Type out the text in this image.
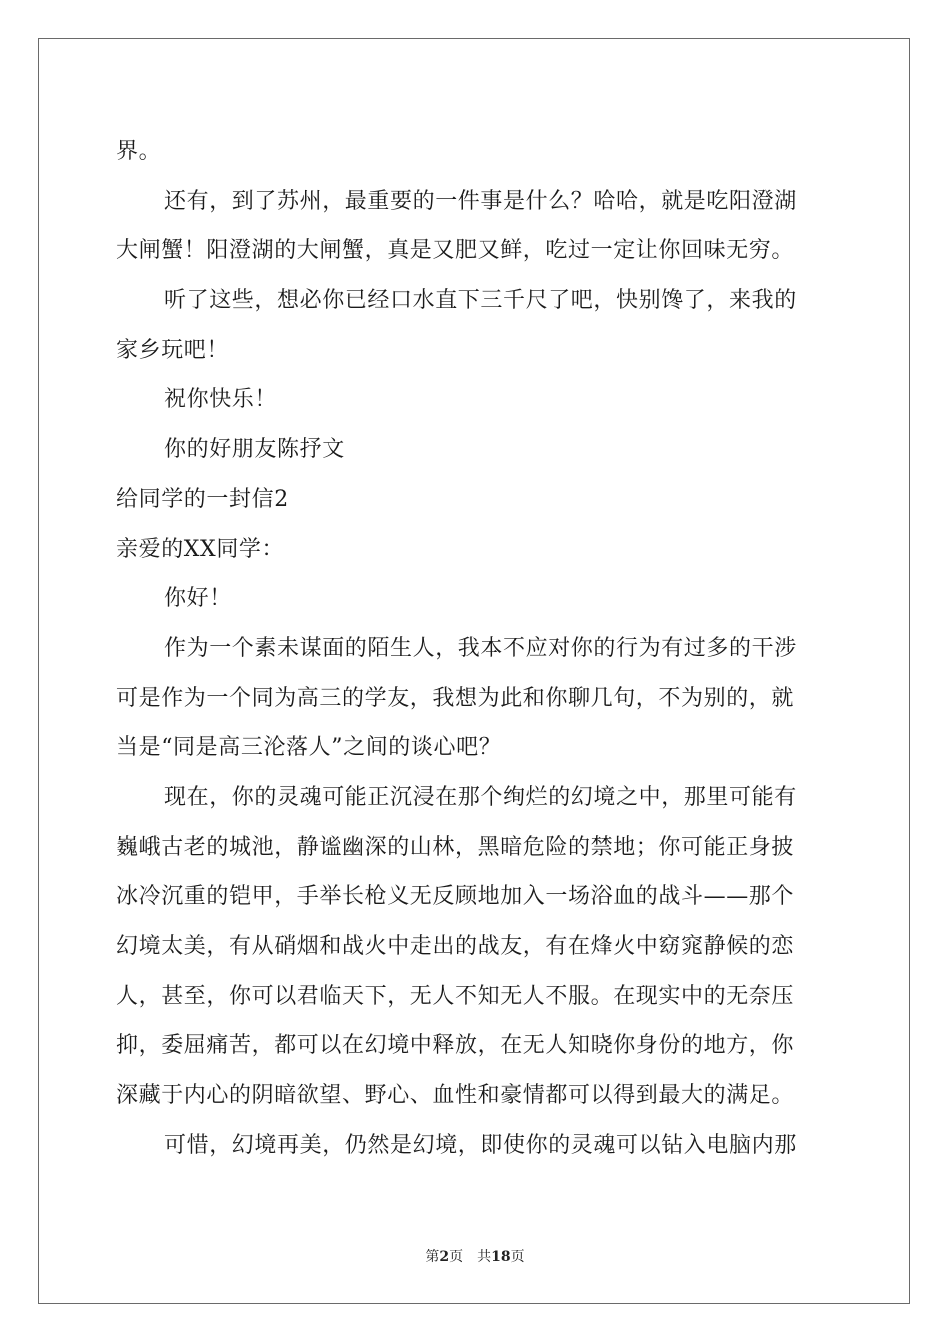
界。
还有，到了苏州，最重要的一件事是什么？哈哈，就是吃阳澄湖
大闸蟹！阳澄湖的大闸蟹，真是又肥又鲜，吃过一定让你回味无穷。
听了这些，想必你已经口水直下三千尺了吧，快别馋了，来我的
家乡玩吧！
祝你快乐！
你的好朋友陈抒文
给同学的一封信2
亲爱的XX同学：
你好！
作为一个素未谋面的陌生人，我本不应对你的行为有过多的干涉
可是作为一个同为高三的学友，我想为此和你聊几句，不为别的，就
当是“同是高三沦落人”之间的谈心吧？
现在，你的灵魂可能正沉浸在那个绚烂的幻境之中，那里可能有
巍峨古老的城池，静谧幽深的山林，黑暗危险的禁地；你可能正身披
冰冷沉重的铠甲，手举长枪义无反顾地加入一场浴血的战斗——那个
幻境太美，有从硝烟和战火中走出的战友，有在烽火中窈窕静候的恋
人，甚至，你可以君临天下，无人不知无人不服。在现实中的无奈压
抑，委屈痛苦，都可以在幻境中释放，在无人知晓你身份的地方，你
深藏于内心的阴暗欲望、野心、血性和豪情都可以得到最大的满足。
可惜，幻境再美，仍然是幻境，即使你的灵魂可以钻入电脑内那
第2页　共18页
